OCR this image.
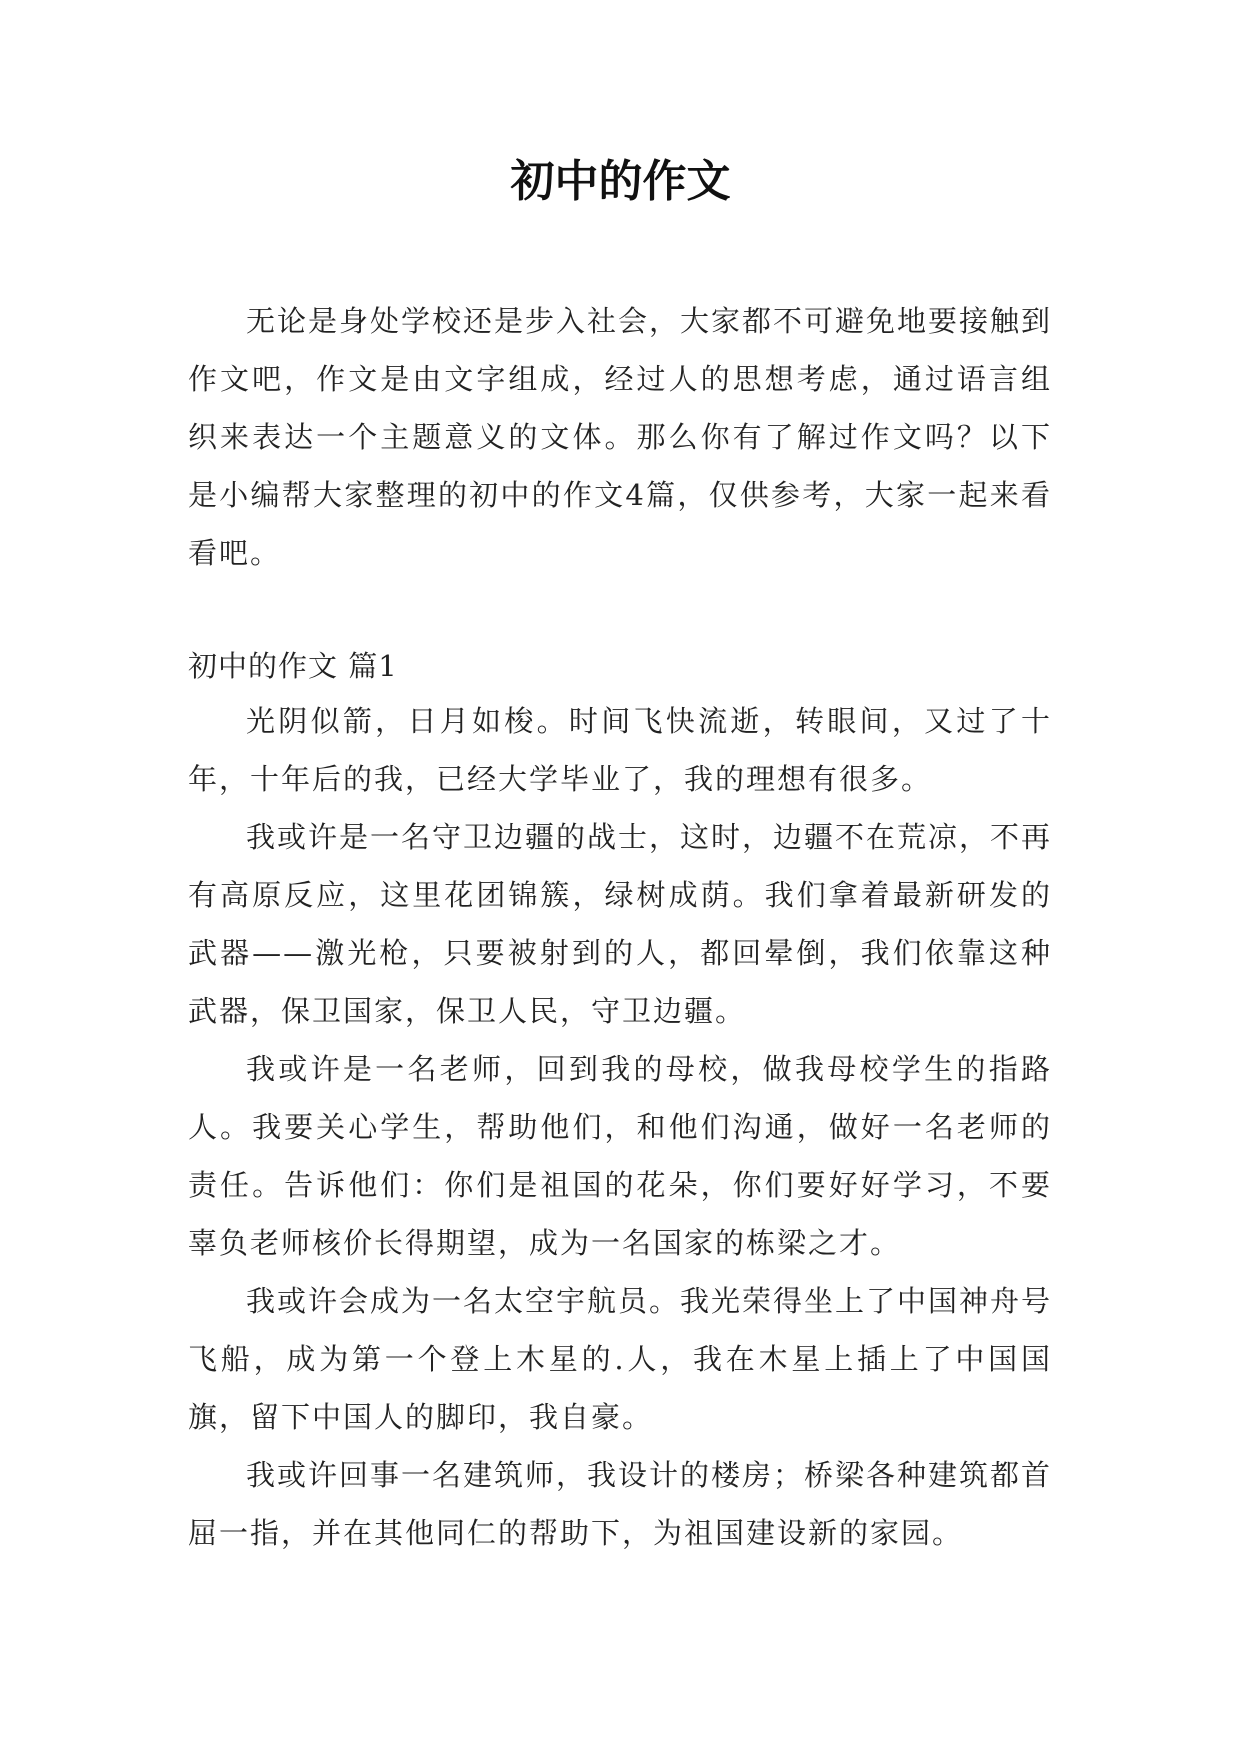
初中的作文

无论是身处学校还是步入社会，大家都不可避免地要接触到作文吧，作文是由文字组成，经过人的思想考虑，通过语言组织来表达一个主题意义的文体。那么你有了解过作文吗？以下是小编帮大家整理的初中的作文4篇，仅供参考，大家一起来看看吧。

初中的作文 篇1

光阴似箭，日月如梭。时间飞快流逝，转眼间，又过了十年，十年后的我，已经大学毕业了，我的理想有很多。

我或许是一名守卫边疆的战士，这时，边疆不在荒凉，不再有高原反应，这里花团锦簇，绿树成荫。我们拿着最新研发的武器——激光枪，只要被射到的人，都回晕倒，我们依靠这种武器，保卫国家，保卫人民，守卫边疆。

我或许是一名老师，回到我的母校，做我母校学生的指路人。我要关心学生，帮助他们，和他们沟通，做好一名老师的责任。告诉他们：你们是祖国的花朵，你们要好好学习，不要辜负老师核价长得期望，成为一名国家的栋梁之才。

我或许会成为一名太空宇航员。我光荣得坐上了中国神舟号飞船，成为第一个登上木星的.人，我在木星上插上了中国国旗，留下中国人的脚印，我自豪。

我或许回事一名建筑师，我设计的楼房；桥梁各种建筑都首屈一指，并在其他同仁的帮助下，为祖国建设新的家园。
